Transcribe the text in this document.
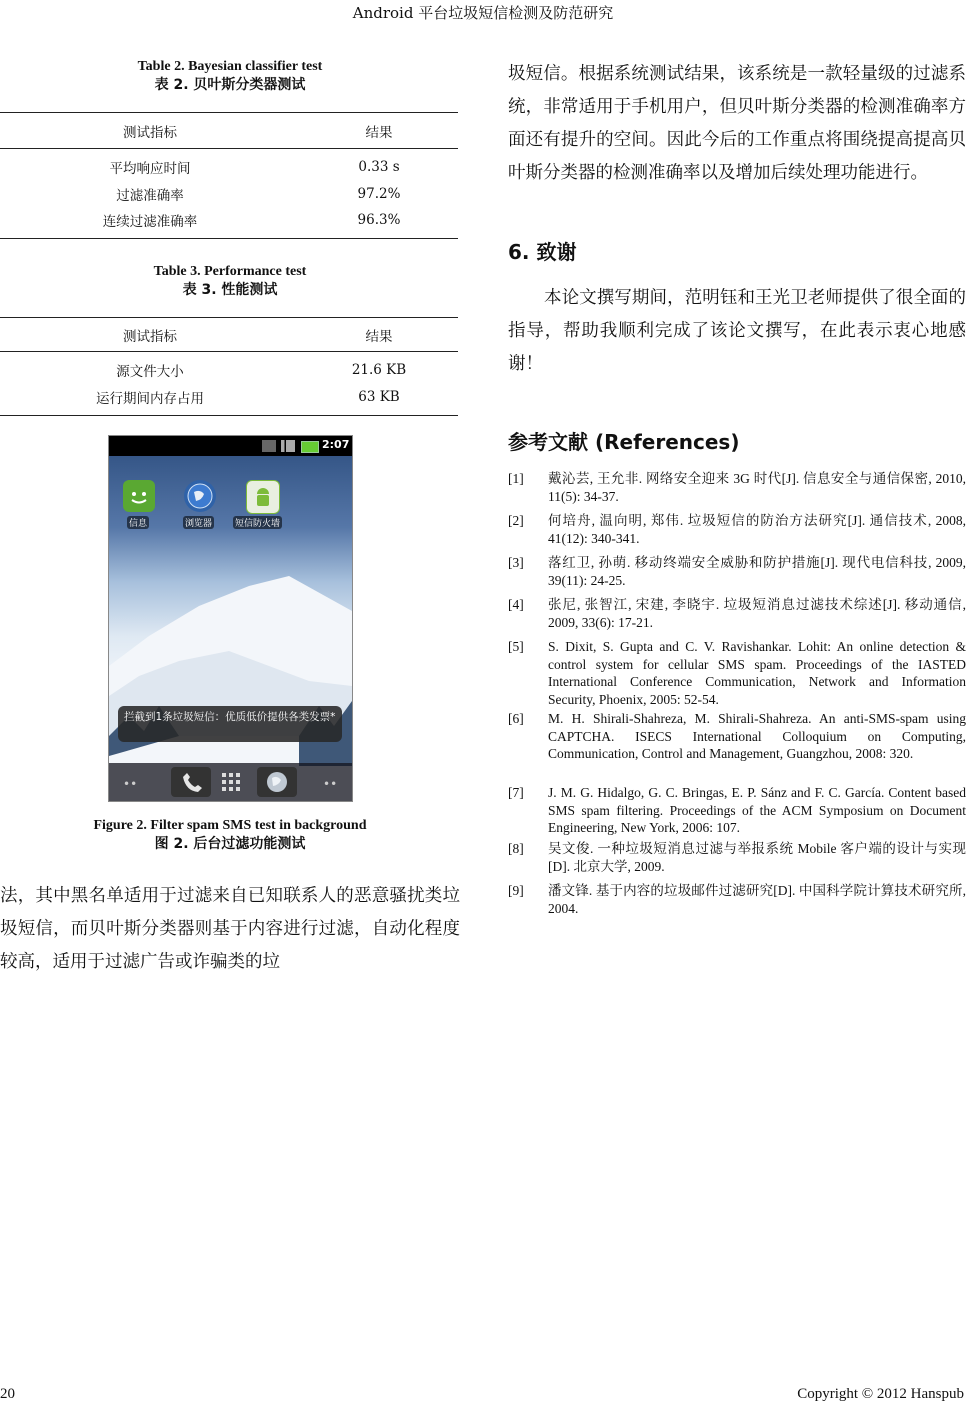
Android 平台垃圾短信检测及防范研究
Table 2. Bayesian classifier test
表 2. 贝叶斯分类器测试
测试指标	结果
平均响应时间	0.33 s
过滤准确率	97.2%
连续过滤准确率	96.3%
Table 3. Performance test
表 3. 性能测试
测试指标	结果
源文件大小	21.6 KB
运行期间内存占用	63 KB
2:07
信息	浏览器	短信防火墙
拦截到1条垃圾短信：优质低价提供各类发票*
••	••
Figure 2. Filter spam SMS test in background
图 2. 后台过滤功能测试
法，其中黑名单适用于过滤来自已知联系人的恶意骚扰类垃圾短信，而贝叶斯分类器则基于内容进行过滤，自动化程度较高，适用于过滤广告或诈骗类的垃
圾短信。根据系统测试结果，该系统是一款轻量级的过滤系统，非常适用于手机用户，但贝叶斯分类器的检测准确率方面还有提升的空间。因此今后的工作重点将围绕提高提高贝叶斯分类器的检测准确率以及增加后续处理功能进行。
6. 致谢
本论文撰写期间，范明钰和王光卫老师提供了很全面的指导，帮助我顺利完成了该论文撰写，在此表示衷心地感谢！
参考文献 (References)
[1] 戴沁芸, 王允非. 网络安全迎来 3G 时代[J]. 信息安全与通信保密, 2010, 11(5): 34-37.
[2] 何培舟, 温向明, 郑伟. 垃圾短信的防治方法研究[J]. 通信技术, 2008, 41(12): 340-341.
[3] 落红卫, 孙萌. 移动终端安全威胁和防护措施[J]. 现代电信科技, 2009, 39(11): 24-25.
[4] 张尼, 张智江, 宋建, 李晓宇. 垃圾短消息过滤技术综述[J]. 移动通信, 2009, 33(6): 17-21.
[5] S. Dixit, S. Gupta and C. V. Ravishankar. Lohit: An online detection & control system for cellular SMS spam. Proceedings of the IASTED International Conference Communication, Network and Information Security, Phoenix, 2005: 52-54.
[6] M. H. Shirali-Shahreza, M. Shirali-Shahreza. An anti-SMS-spam using CAPTCHA. ISECS International Colloquium on Computing, Communication, Control and Management, Guangzhou, 2008: 320.
[7] J. M. G. Hidalgo, G. C. Bringas, E. P. Sánz and F. C. García. Content based SMS spam filtering. Proceedings of the ACM Symposium on Document Engineering, New York, 2006: 107.
[8] 吴文俊. 一种垃圾短消息过滤与举报系统 Mobile 客户端的设计与实现[D]. 北京大学, 2009.
[9] 潘文锋. 基于内容的垃圾邮件过滤研究[D]. 中国科学院计算技术研究所, 2004.
20	Copyright © 2012 Hanspub
